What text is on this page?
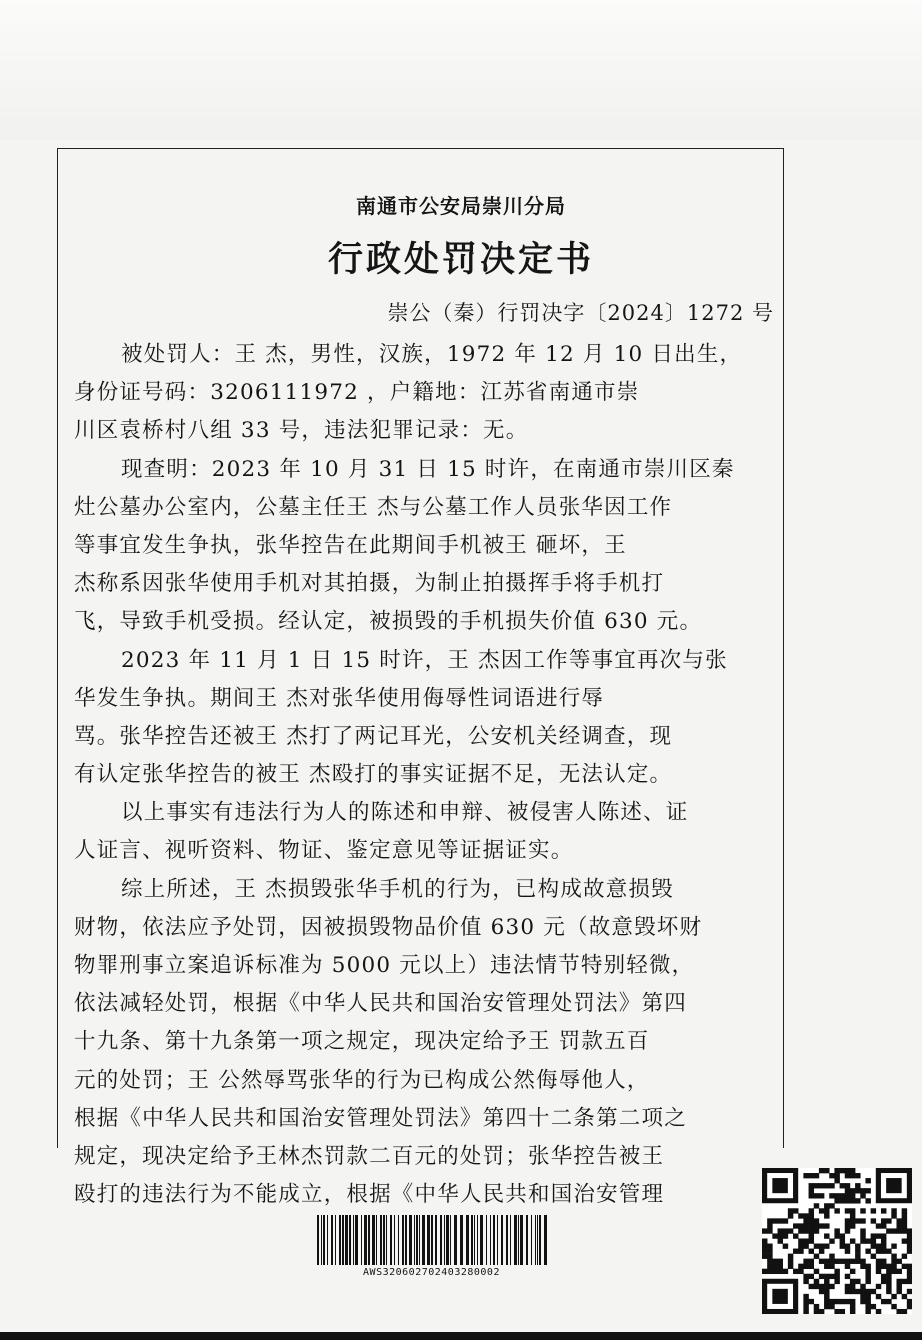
南通市公安局崇川分局
行政处罚决定书
崇公（秦）行罚决字〔2024〕1272 号
被处罚人：王 杰，男性，汉族，1972 年 12 月 10 日出生，
身份证号码：3206111972 ，户籍地：江苏省南通市崇
川区袁桥村八组 33 号，违法犯罪记录：无。
现查明：2023 年 10 月 31 日 15 时许，在南通市崇川区秦
灶公墓办公室内，公墓主任王 杰与公墓工作人员张华因工作
等事宜发生争执，张华控告在此期间手机被王 砸坏，王
杰称系因张华使用手机对其拍摄，为制止拍摄挥手将手机打
飞，导致手机受损。经认定，被损毁的手机损失价值 630 元。
2023 年 11 月 1 日 15 时许，王 杰因工作等事宜再次与张
华发生争执。期间王 杰对张华使用侮辱性词语进行辱
骂。张华控告还被王 杰打了两记耳光，公安机关经调查，现
有认定张华控告的被王 杰殴打的事实证据不足，无法认定。
以上事实有违法行为人的陈述和申辩、被侵害人陈述、证
人证言、视听资料、物证、鉴定意见等证据证实。
综上所述，王 杰损毁张华手机的行为，已构成故意损毁
财物，依法应予处罚，因被损毁物品价值 630 元（故意毁坏财
物罪刑事立案追诉标准为 5000 元以上）违法情节特别轻微，
依法减轻处罚，根据《中华人民共和国治安管理处罚法》第四
十九条、第十九条第一项之规定，现决定给予王 罚款五百
元的处罚；王 公然辱骂张华的行为已构成公然侮辱他人，
根据《中华人民共和国治安管理处罚法》第四十二条第二项之
规定，现决定给予王林杰罚款二百元的处罚；张华控告被王
殴打的违法行为不能成立，根据《中华人民共和国治安管理
AWS320602702403280002
